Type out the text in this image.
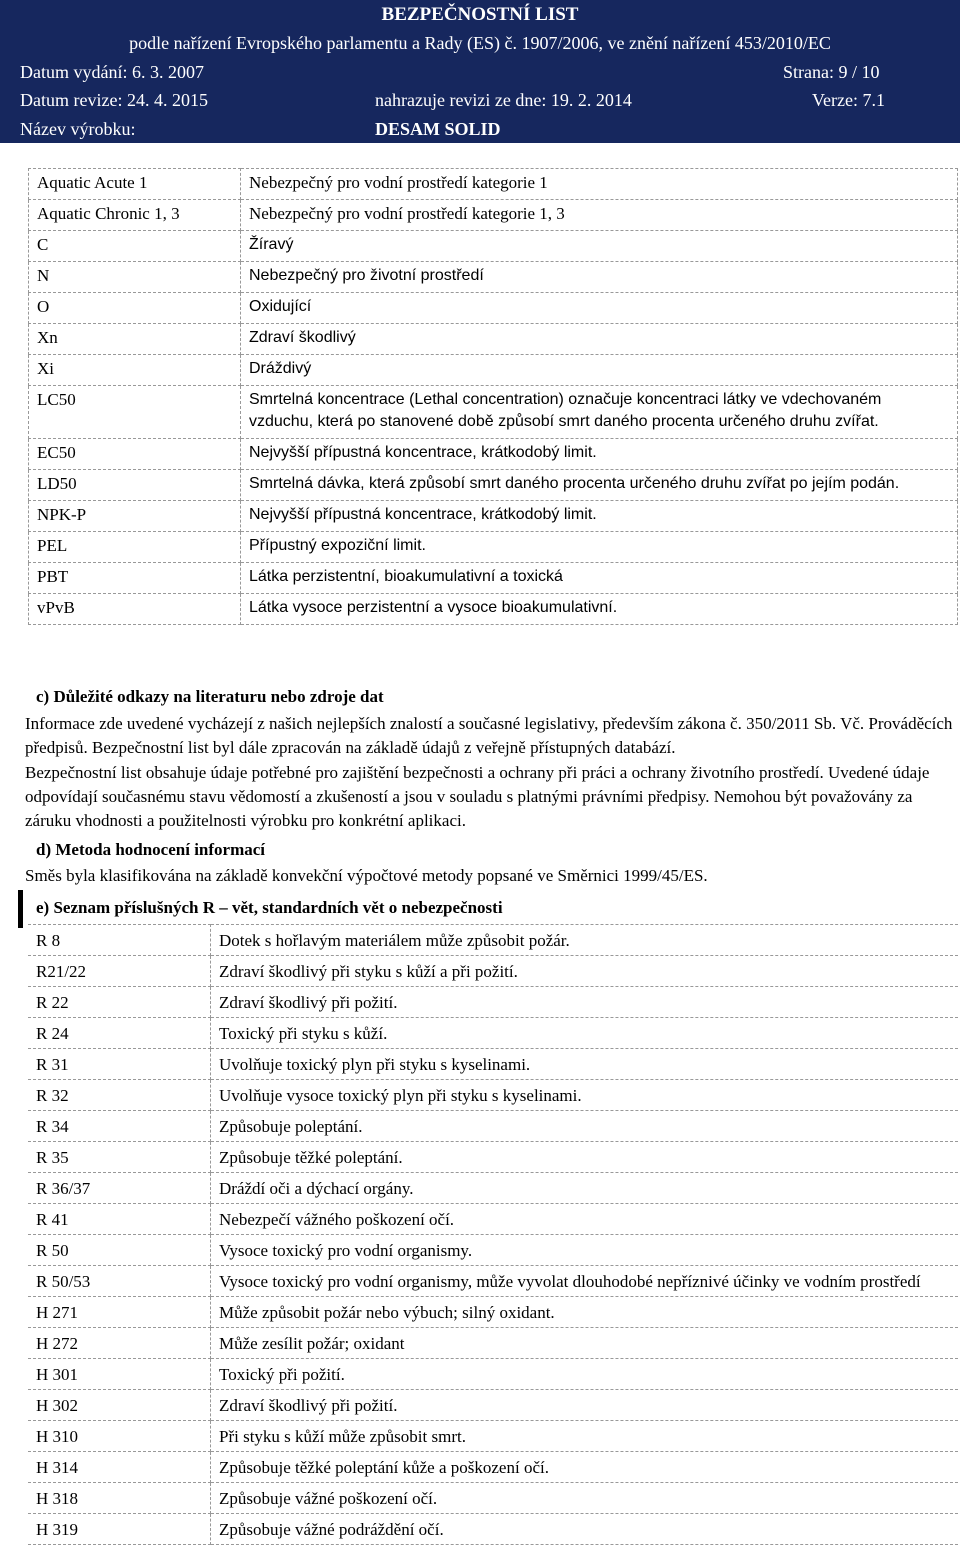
BEZPEČNOSTNÍ LIST
podle nařízení Evropského parlamentu a Rady (ES) č. 1907/2006, ve znění nařízení 453/2010/EC
Datum vydání: 6. 3. 2007	Strana: 9 / 10
Datum revize: 24. 4. 2015	nahrazuje revizi ze dne: 19. 2. 2014	Verze: 7.1
Název výrobku:	DESAM SOLID
Aquatic Acute 1	Nebezpečný pro vodní prostředí kategorie 1
Aquatic Chronic 1, 3	Nebezpečný pro vodní prostředí kategorie 1, 3
C	Žíravý
N	Nebezpečný pro životní prostředí
O	Oxidující
Xn	Zdraví škodlivý
Xi	Dráždivý
LC50	Smrtelná koncentrace (Lethal concentration) označuje koncentraci látky ve vdechovaném vzduchu, která po stanovené době způsobí smrt daného procenta určeného druhu zvířat.
EC50	Nejvyšší přípustná koncentrace, krátkodobý limit.
LD50	Smrtelná dávka, která způsobí smrt daného procenta určeného druhu zvířat po jejím podán.
NPK-P	Nejvyšší přípustná koncentrace, krátkodobý limit.
PEL	Přípustný expoziční limit.
PBT	Látka perzistentní, bioakumulativní a toxická
vPvB	Látka vysoce perzistentní a vysoce bioakumulativní.
c) Důležité odkazy na literaturu nebo zdroje dat
Informace zde uvedené vycházejí z našich nejlepších znalostí a současné legislativy, především zákona č. 350/2011 Sb. Vč. Prováděcích předpisů. Bezpečnostní list byl dále zpracován na základě údajů z veřejně přístupných databází.
Bezpečnostní list obsahuje údaje potřebné pro zajištění bezpečnosti a ochrany při práci a ochrany životního prostředí. Uvedené údaje odpovídají současnému stavu vědomostí a zkušeností a jsou v souladu s platnými právními předpisy. Nemohou být považovány za záruku vhodnosti a použitelnosti výrobku pro konkrétní aplikaci.
d) Metoda hodnocení informací
Směs byla klasifikována na základě konvekční výpočtové metody popsané ve Směrnici 1999/45/ES.
e) Seznam příslušných R – vět, standardních vět o nebezpečnosti
R 8	Dotek s hořlavým materiálem může způsobit požár.
R21/22	Zdraví škodlivý při styku s kůží a při požití.
R 22	Zdraví škodlivý při požití.
R 24	Toxický při styku s kůží.
R 31	Uvolňuje toxický plyn při styku s kyselinami.
R 32	Uvolňuje vysoce toxický plyn při styku s kyselinami.
R 34	Způsobuje poleptání.
R 35	Způsobuje těžké poleptání.
R 36/37	Dráždí oči a dýchací orgány.
R 41	Nebezpečí vážného poškození očí.
R 50	Vysoce toxický pro vodní organismy.
R 50/53	Vysoce toxický pro vodní organismy, může vyvolat dlouhodobé nepříznivé účinky ve vodním prostředí
H 271	Může způsobit požár nebo výbuch; silný oxidant.
H 272	Může zesílit požár; oxidant
H 301	Toxický při požití.
H 302	Zdraví škodlivý při požití.
H 310	Při styku s kůží může způsobit smrt.
H 314	Způsobuje těžké poleptání kůže a poškození očí.
H 318	Způsobuje vážné poškození očí.
H 319	Způsobuje vážné podráždění očí.
